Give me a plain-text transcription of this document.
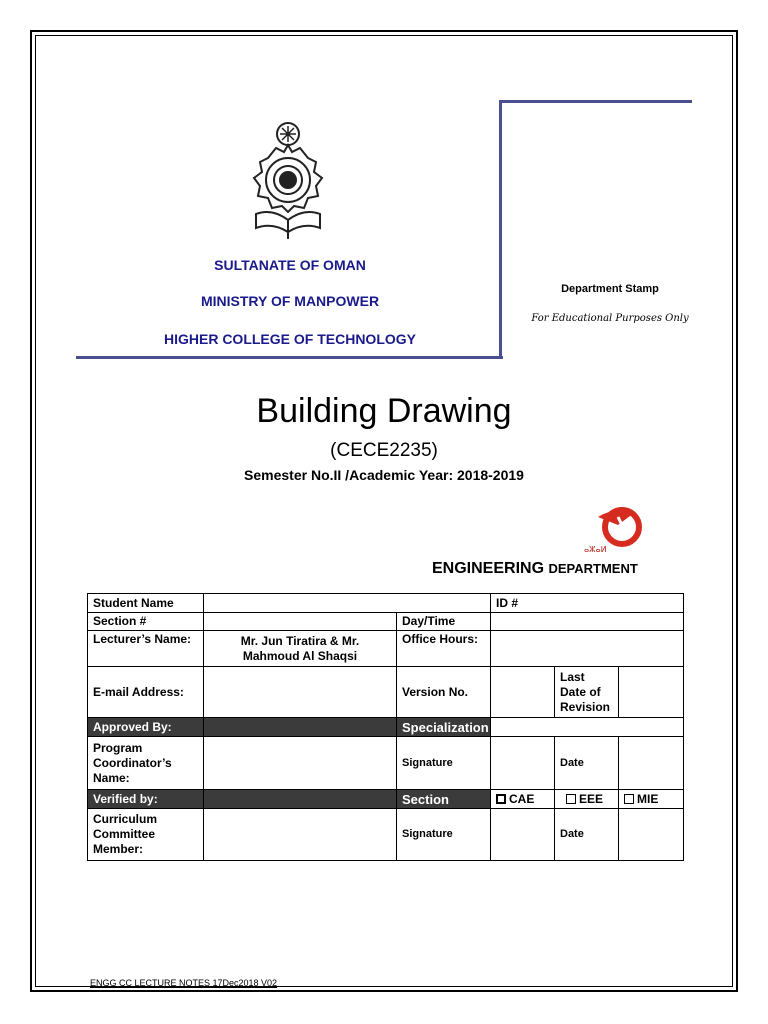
SULTANATE OF OMAN
MINISTRY OF MANPOWER
HIGHER COLLEGE OF TECHNOLOGY
Department Stamp
For Educational Purposes Only
Building Drawing
(CECE2235)
Semester No.II /Academic Year: 2018-2019
ⴰⵣⴰⵍ
ENGINEERING DEPARTMENT
Student Name			ID #		
Section #		Day/Time			
Lecturer’s Name:	Mr. Jun Tiratira & Mr. Mahmoud Al Shaqsi	Office Hours:			
E-mail Address:		Version No.		Last Date of Revision	
Approved By:		Specialization			
Program Coordinator’s Name:		Signature		Date	
Verified by:		Section	CAE	EEE	MIE
Curriculum Committee Member:		Signature		Date	
ENGG CC LECTURE NOTES 17Dec2018 V02
